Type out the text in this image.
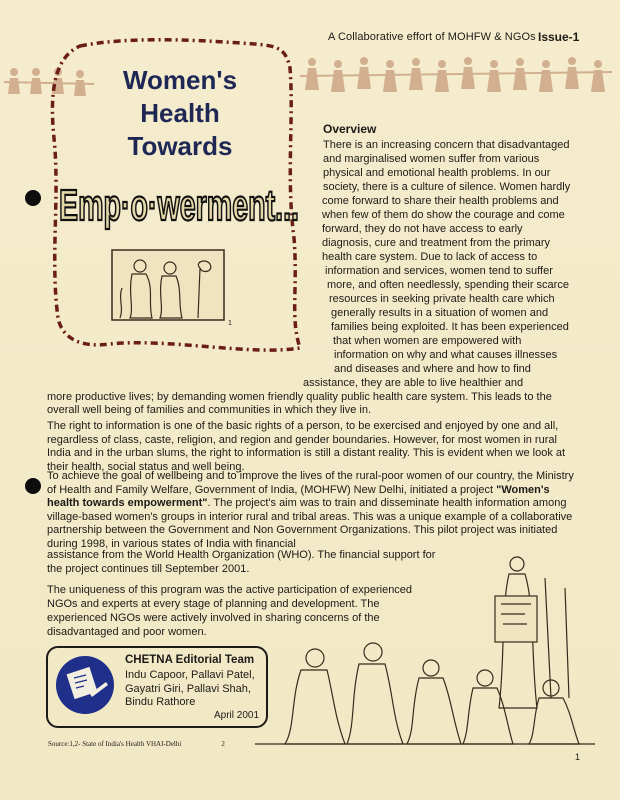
A Collaborative effort of MOHFW & NGOs Issue-1
Women's
Health
Towards
Emp·o·werment...
1
Overview
There is an increasing concern that disadvantaged
and marginalised women suffer from various
physical and emotional health problems. In our
society, there is a culture of silence. Women hardly
come forward to share their health problems and
when few of them do show the courage and come
forward, they do not have access to early
diagnosis, cure and treatment from the primary
health care system. Due to lack of access to
information and services, women tend to suffer
more, and often needlessly, spending their scarce
resources in seeking private health care which
generally results in a situation of women and
families being exploited. It has been experienced
that when women are empowered with
information on why and what causes illnesses
and diseases and where and how to find
assistance, they are able to live healthier and

more productive lives; by demanding women friendly quality public health care system. This leads to the overall well being of families and communities in which they live in.

The right to information is one of the basic rights of a person, to be exercised and enjoyed by one and all, regardless of class, caste, religion, and region and gender boundaries. However, for most women in rural India and in the urban slums, the right to information is still a distant reality. This is evident when we look at their health, social status and well being.

To achieve the goal of wellbeing and to improve the lives of the rural-poor women of our country, the Ministry of Health and Family Welfare, Government of India, (MOHFW) New Delhi, initiated a project "Women's health towards empowerment". The project's aim was to train and disseminate health information among village-based women's groups in interior rural and tribal areas. This was a unique example of a collaborative partnership between the Government and Non Government Organizations. This pilot project was initiated during 1998, in various states of India with financial

assistance from the World Health Organization (WHO). The financial support for
the project continues till September 2001.
The uniqueness of this program was the active participation of experienced
NGOs and experts at every stage of planning and development. The
experienced NGOs were actively involved in sharing concerns of the
disadvantaged and poor women.
CHETNA Editorial Team
Indu Capoor, Pallavi Patel,
Gayatri Giri, Pallavi Shah,
Bindu Rathore
April 2001
Source:1,2- State of India's Health VHAI-Delhi	2
1
